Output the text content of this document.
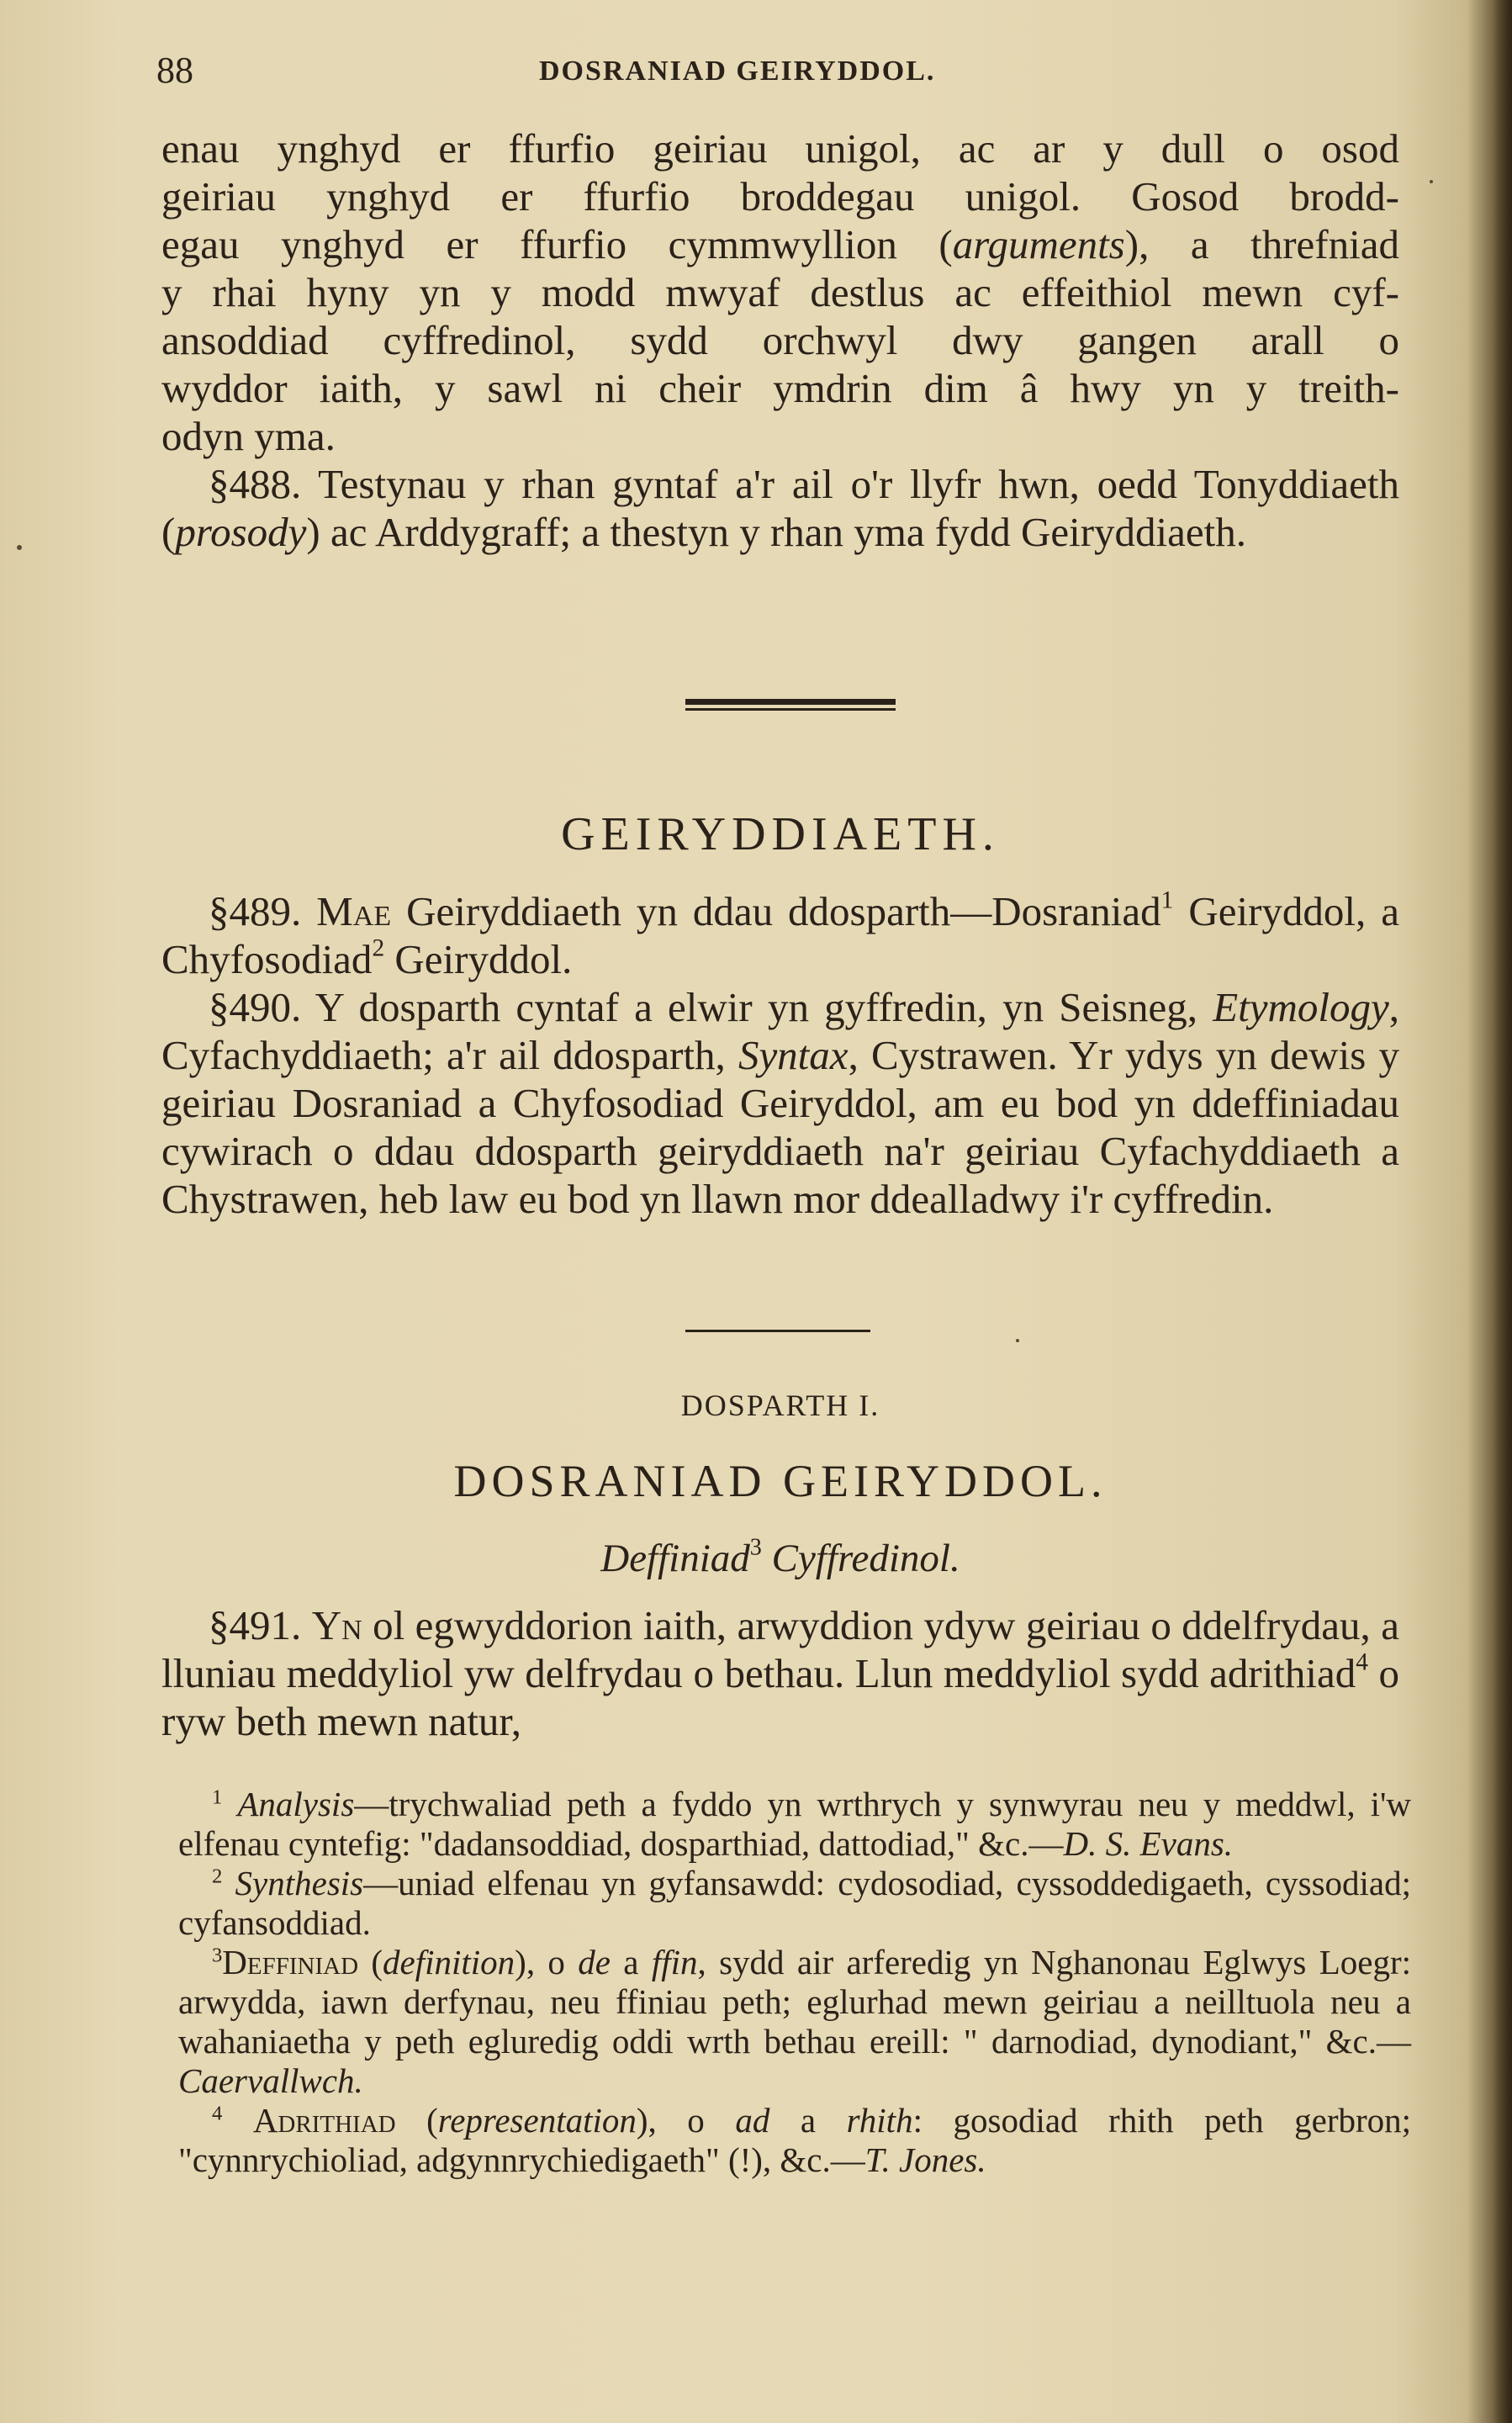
88	DOSRANIAD GEIRYDDOL.

enau ynghyd er ffurfio geiriau unigol, ac ar y dull o osod

geiriau ynghyd er ffurfio broddegau unigol. Gosod brodd-

egau ynghyd er ffurfio cymmwyllion (arguments), a threfniad

y rhai hyny yn y modd mwyaf destlus ac effeithiol mewn cyf-

ansoddiad cyffredinol, sydd orchwyl dwy gangen arall o

wyddor iaith, y sawl ni cheir ymdrin dim â hwy yn y treith-

odyn yma.

§488. Testynau y rhan gyntaf a'r ail o'r llyfr hwn, oedd Tonyddiaeth (prosody) ac Arddygraff; a thestyn y rhan yma fydd Geiryddiaeth.

GEIRYDDIAETH.

§489. Mae Geiryddiaeth yn ddau ddosparth—Dosraniad$^1$ Geiryddol, a Chyfosodiad$^2$ Geiryddol.

§490. Y dosparth cyntaf a elwir yn gyffredin, yn Seisneg, Etymology, Cyfachyddiaeth; a'r ail ddosparth, Syntax, Cystrawen. Yr ydys yn dewis y geiriau Dosraniad a Chyfosodiad Geiryddol, am eu bod yn ddeffiniadau cywirach o ddau ddosparth geiryddiaeth na'r geiriau Cyfachyddiaeth a Chystrawen, heb law eu bod yn llawn mor ddealladwy i'r cyffredin.

DOSPARTH I.
DOSRANIAD GEIRYDDOL.
Deffiniad$^3$ Cyffredinol.

§491. Yn ol egwyddorion iaith, arwyddion ydyw geiriau o ddelfrydau, a lluniau meddyliol yw delfrydau o bethau. Llun meddyliol sydd adrithiad$^4$ o ryw beth mewn natur,

$^1$ Analysis—trychwaliad peth a fyddo yn wrthrych y synwyrau neu y meddwl, i'w elfenau cyntefig: "dadansoddiad, dosparthiad, dattodiad," &c.—D. S. Evans.

$^2$ Synthesis—uniad elfenau yn gyfansawdd: cydosodiad, cyssoddedigaeth, cyssodiad; cyfansoddiad.

$^3$Deffiniad (definition), o de a ffin, sydd air arferedig yn Nghanonau Eglwys Loegr: arwydda, iawn derfynau, neu ffiniau peth; eglurhad mewn geiriau a neilltuola neu a wahaniaetha y peth egluredig oddi wrth bethau ereill: " darnodiad, dynodiant," &c.—Caervallwch.

$^4$ Adrithiad (representation), o ad a rhith: gosodiad rhith peth gerbron; "cynnrychioliad, adgynnrychiedigaeth" (!), &c.—T. Jones.
